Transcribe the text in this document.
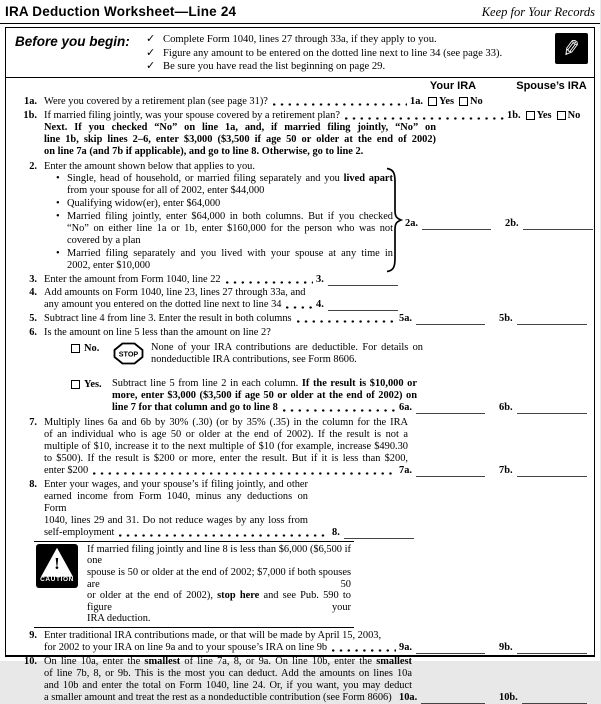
IRA Deduction Worksheet—Line 24	Keep for Your Records
Before you begin:	✓ Complete Form 1040, lines 27 through 33a, if they apply to you.
✓ Figure any amount to be entered on the dotted line next to line 34 (see page 33).
✓ Be sure you have read the list beginning on page 29.
✎
Your IRA	Spouse’s IRA
1a. Were you covered by a retirement plan (see page 31)?	1a. Yes No
1b. If married filing jointly, was your spouse covered by a retirement plan?	1b. Yes No
Next. If you checked “No” on line 1a, and, if married filing jointly, “No” on
line 1b, skip lines 2–6, enter $3,000 ($3,500 if age 50 or older at the end of 2002)
on line 7a (and 7b if applicable), and go to line 8. Otherwise, go to line 2.
2. Enter the amount shown below that applies to you.
• Single, head of household, or married filing separately and you lived apart
from your spouse for all of 2002, enter $44,000
• Qualifying widow(er), enter $64,000
• Married filing jointly, enter $64,000 in both columns. But if you checked
“No” on either line 1a or 1b, enter $160,000 for the person who was not
covered by a plan
• Married filing separately and you lived with your spouse at any time in
2002, enter $10,000
2a.	2b.
3. Enter the amount from Form 1040, line 22	3.
4. Add amounts on Form 1040, line 23, lines 27 through 33a, and
any amount you entered on the dotted line next to line 34	4.
5. Subtract line 4 from line 3. Enter the result in both columns	5a.	5b.
6. Is the amount on line 5 less than the amount on line 2?
No.
STOP
None of your IRA contributions are deductible. For details on
nondeductible IRA contributions, see Form 8606.
Yes. Subtract line 5 from line 2 in each column. If the result is $10,000 or
more, enter $3,000 ($3,500 if age 50 or older at the end of 2002) on
line 7 for that column and go to line 8	6a.	6b.
7. Multiply lines 6a and 6b by 30% (.30) (or by 35% (.35) in the column for the IRA
of an individual who is age 50 or older at the end of 2002). If the result is not a
multiple of $10, increase it to the next multiple of $10 (for example, increase $490.30
to $500). If the result is $200 or more, enter the result. But if it is less than $200,
enter $200	7a.	7b.
8. Enter your wages, and your spouse’s if filing jointly, and other
earned income from Form 1040, minus any deductions on Form
1040, lines 29 and 31. Do not reduce wages by any loss from
self-employment	8.
!
CAUTION
If married filing jointly and line 8 is less than $6,000 ($6,500 if one
spouse is 50 or older at the end of 2002; $7,000 if both spouses are 50
or older at the end of 2002), stop here and see Pub. 590 to figure your
IRA deduction.
9. Enter traditional IRA contributions made, or that will be made by April 15, 2003,
for 2002 to your IRA on line 9a and to your spouse’s IRA on line 9b	9a.	9b.
10. On line 10a, enter the smallest of line 7a, 8, or 9a. On line 10b, enter the smallest
of line 7b, 8, or 9b. This is the most you can deduct. Add the amounts on lines 10a
and 10b and enter the total on Form 1040, line 24. Or, if you want, you may deduct
a smaller amount and treat the rest as a nondeductible contribution (see Form 8606) 10a.	10b.
